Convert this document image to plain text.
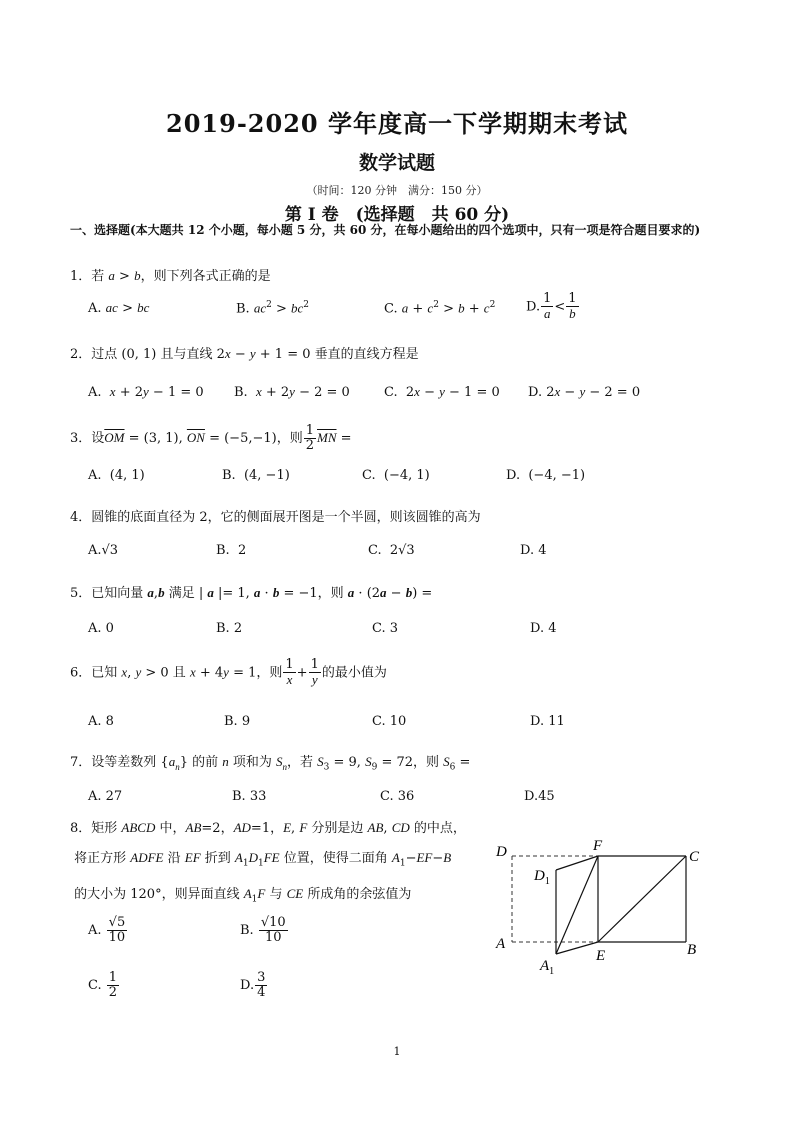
2019-2020 学年度高一下学期期末考试
数学试题
（时间：120 分钟　满分：150 分）
第 I 卷　(选择题　共 60 分)
一、选择题(本大题共 12 个小题，每小题 5 分，共 60 分，在每小题给出的四个选项中，只有一项是符合题目要求的)
1．若 a > b，则下列各式正确的是
A. ac > bc	B. $ac^2 > bc^2$	C. $a + c^2 > b + c^2$ D. $\frac{1}{a} < \frac{1}{b}$
2．过点 (0, 1) 且与直线 2x − y + 1 = 0 垂直的直线方程是
A.  x + 2y − 1 = 0 B.  x + 2y − 2 = 0	C.  2x − y − 1 = 0 D. 2x − y − 2 = 0
3．设$\overline{OM} = (3$, 1), $\overline{ON} = (-5,-1)$，则 $\frac{1}{2} \overline{MN}$ =
A.  (4, 1)	B.  (4, −1)	C.  (−4, 1)	D.  (−4, −1)
4．圆锥的底面直径为 2，它的侧面展开图是一个半圆，则该圆锥的高为
A.√3	B.  2	C.  2√3	D. 4
5．已知向量 a,b 满足 | a |= 1, a · b = −1，则 a · (2a − b) =
A. 0	B. 2	C. 3	D. 4
6．已知 x, y > 0 且 x + 4y = 1，则 $\frac{1}{x} + \frac{1}{y}$ 的最小值为
A. 8	B. 9	C. 10	D. 11
7．设等差数列 $\{a_n\}$ 的前 n 项和为 $S_n$，若 $S_3 = 9$, $S_9 = 72$，则 $S_6$ =
A. 27	B. 33	C. 36	D.45
8．矩形 ABCD 中，AB=2，AD=1，E, F 分别是边 AB, CD 的中点，
将正方形 ADFE 沿 EF 折到 $A_1D_1FE$ 位置，使得二面角 $A_1-EF-B$
的大小为 120°，则异面直线 $A_1F$ 与 CE 所成角的余弦值为
A. $\frac{√5}{10}$	B. $\frac{√10}{10}$
C. $\frac{1}{2}$	D. $\frac{3}{4}$
D	F
C
$D_1$
A
E	B
$A_1$
1
